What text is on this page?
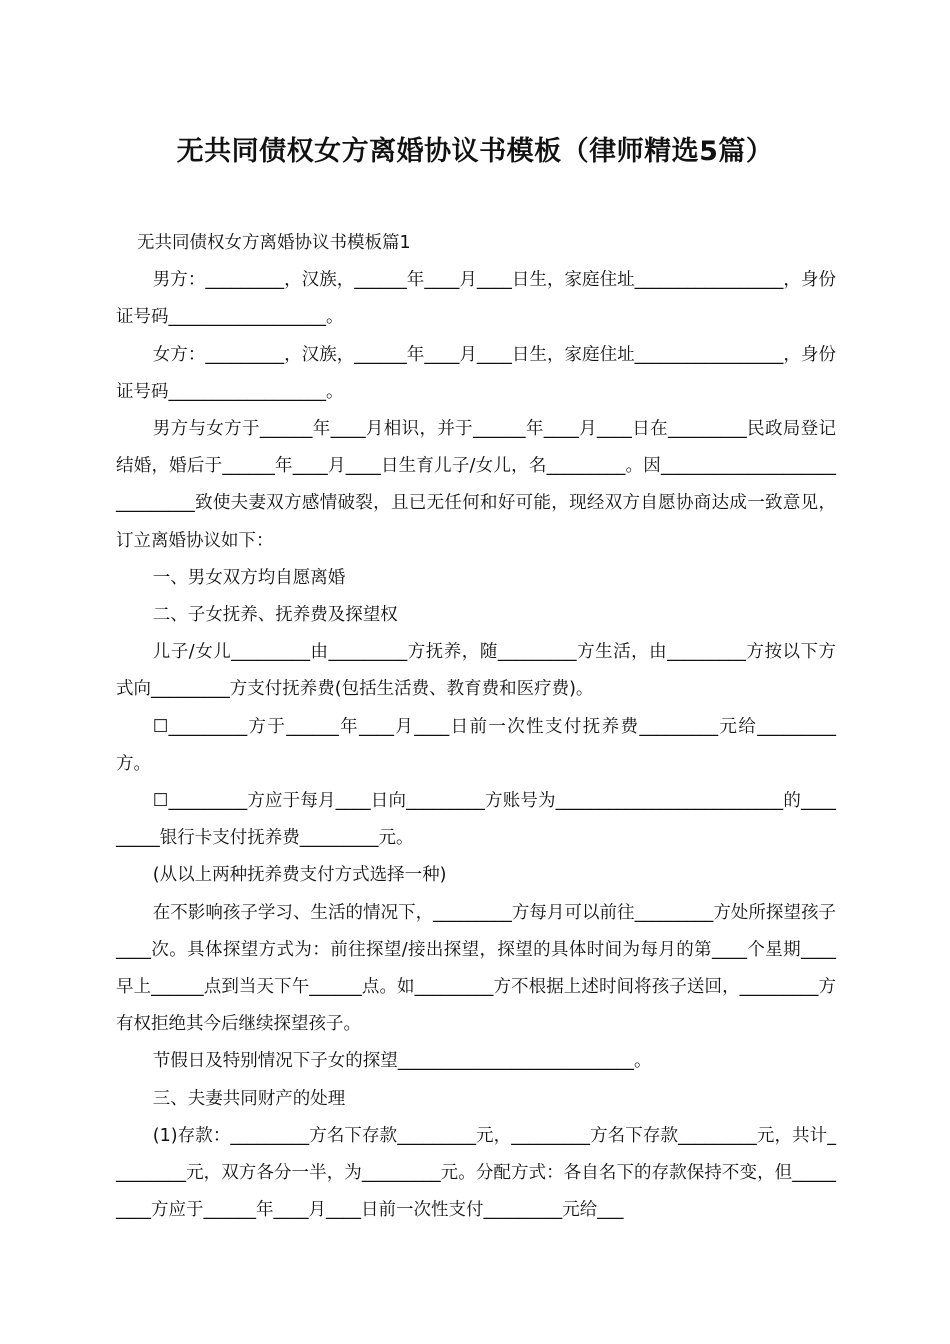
无共同债权女方离婚协议书模板（律师精选5篇）

无共同债权女方离婚协议书模板篇1

男方：_________，汉族，______年____月____日生，家庭住址_________________，身份证号码__________________。

女方：_________，汉族，______年____月____日生，家庭住址_________________，身份证号码__________________。

男方与女方于______年____月相识，并于______年____月____日在_________民政局登记结婚，婚后于______年____月____日生育儿子/女儿，名_________。因_____________________________致使夫妻双方感情破裂，且已无任何和好可能，现经双方自愿协商达成一致意见，订立离婚协议如下：

一、男女双方均自愿离婚

二、子女抚养、抚养费及探望权

儿子/女儿_________由_________方抚养，随_________方生活，由_________方按以下方式向_________方支付抚养费(包括生活费、教育费和医疗费)。

☐_________方于______年____月____日前一次性支付抚养费_________元给_________方。

☐_________方应于每月____日向_________方账号为__________________________的_________银行卡支付抚养费_________元。

(从以上两种抚养费支付方式选择一种)

在不影响孩子学习、生活的情况下，_________方每月可以前往_________方处所探望孩子____次。具体探望方式为：前往探望/接出探望，探望的具体时间为每月的第____个星期____早上______点到当天下午______点。如_________方不根据上述时间将孩子送回，_________方有权拒绝其今后继续探望孩子。

节假日及特别情况下子女的探望___________________________。

三、夫妻共同财产的处理

(1)存款：_________方名下存款_________元，_________方名下存款_________元，共计_________元，双方各分一半，为_________元。分配方式：各自名下的存款保持不变，但_________方应于______年____月____日前一次性支付_________元给___
